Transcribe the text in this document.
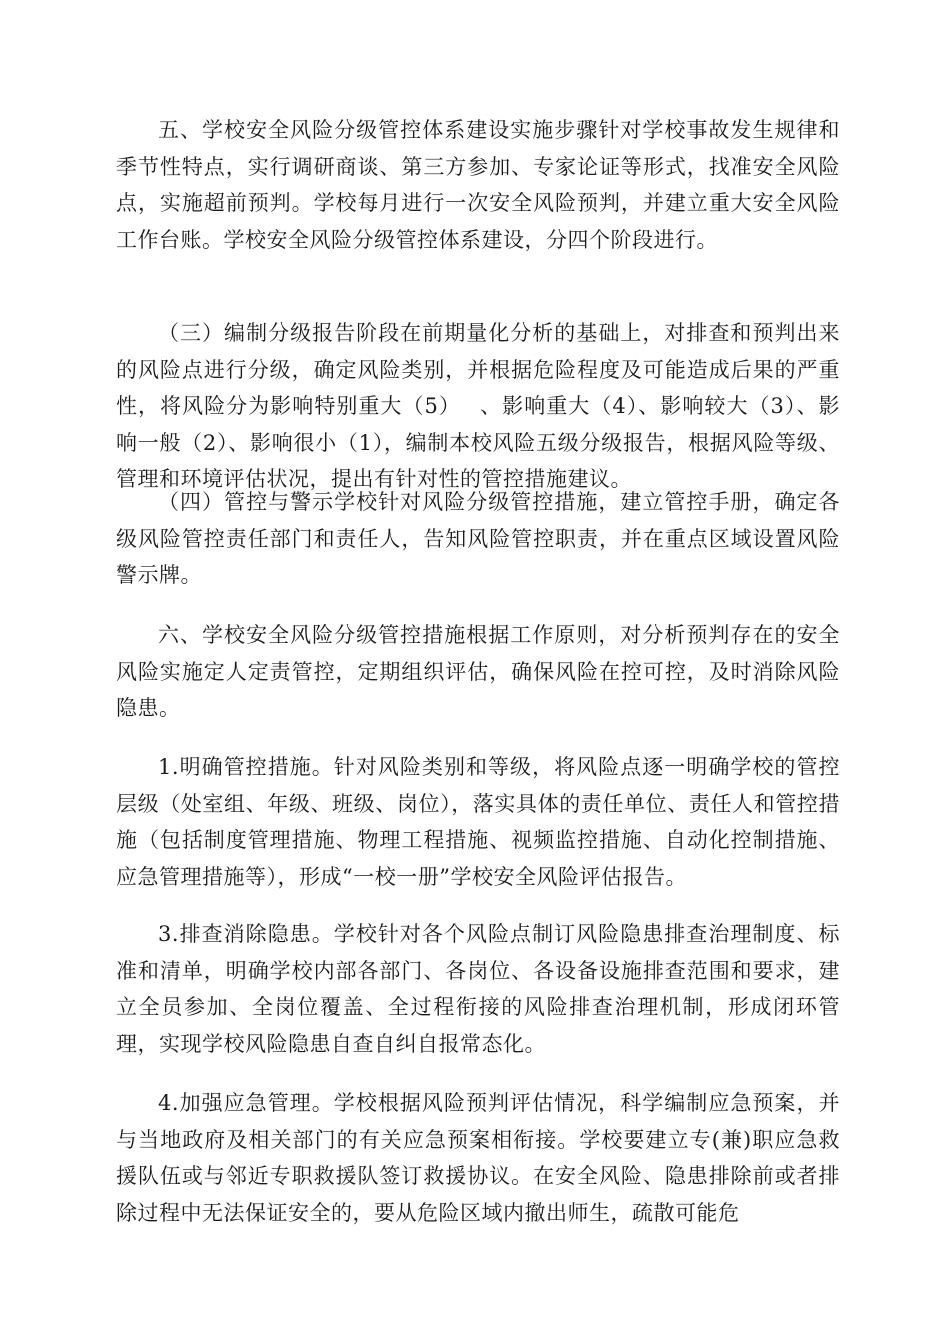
五、学校安全风险分级管控体系建设实施步骤针对学校事故发生规律和季节性特点，实行调研商谈、第三方参加、专家论证等形式，找准安全风险点，实施超前预判。学校每月进行一次安全风险预判，并建立重大安全风险工作台账。学校安全风险分级管控体系建设，分四个阶段进行。

（三）编制分级报告阶段在前期量化分析的基础上，对排查和预判出来的风险点进行分级，确定风险类别，并根据危险程度及可能造成后果的严重性，将风险分为影响特别重大（5）　 、影响重大（4）、影响较大（3）、影响一般（2）、影响很小（1），编制本校风险五级分级报告，根据风险等级、管理和环境评估状况，提出有针对性的管控措施建议。

（四）管控与警示学校针对风险分级管控措施，建立管控手册，确定各级风险管控责任部门和责任人，告知风险管控职责，并在重点区域设置风险警示牌。

六、学校安全风险分级管控措施根据工作原则，对分析预判存在的安全风险实施定人定责管控，定期组织评估，确保风险在控可控，及时消除风险隐患。

1.明确管控措施。针对风险类别和等级，将风险点逐一明确学校的管控层级（处室组、年级、班级、岗位），落实具体的责任单位、责任人和管控措施（包括制度管理措施、物理工程措施、视频监控措施、自动化控制措施、应急管理措施等），形成“一校一册”学校安全风险评估报告。

3.排查消除隐患。学校针对各个风险点制订风险隐患排查治理制度、标准和清单，明确学校内部各部门、各岗位、各设备设施排查范围和要求，建立全员参加、全岗位覆盖、全过程衔接的风险排查治理机制，形成闭环管理，实现学校风险隐患自查自纠自报常态化。

4.加强应急管理。学校根据风险预判评估情况，科学编制应急预案，并与当地政府及相关部门的有关应急预案相衔接。学校要建立专(兼)职应急救援队伍或与邻近专职救援队签订救援协议。在安全风险、隐患排除前或者排除过程中无法保证安全的，要从危险区域内撤出师生，疏散可能危
